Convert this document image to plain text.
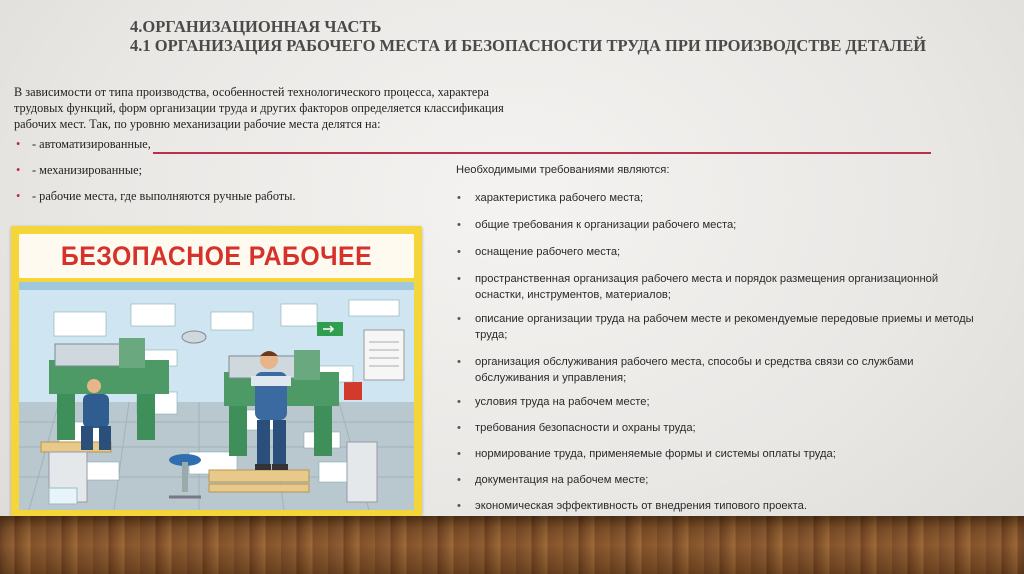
4.ОРГАНИЗАЦИОННАЯ ЧАСТЬ
4.1 ОРГАНИЗАЦИЯ РАБОЧЕГО МЕСТА И БЕЗОПАСНОСТИ ТРУДА ПРИ ПРОИЗВОДСТВЕ ДЕТАЛЕЙ
В зависимости от типа производства, особенностей технологического процесса, характера трудовых функций, форм организации труда и других факторов определяется классификация рабочих мест. Так, по уровню механизации рабочие места делятся на:
• - автоматизированные,
• - механизированные;
• - рабочие места, где выполняются ручные работы.
Необходимыми требованиями являются:
• характеристика рабочего места;
• общие требования к организации рабочего места;
• оснащение рабочего места;
• пространственная организация рабочего места и порядок размещения организационной оснастки, инструментов, материалов;
• описание организации труда на рабочем месте и рекомендуемые передовые приемы и методы труда;
• организация обслуживания рабочего места, способы и средства связи со службами обслуживания и управления;
• условия труда на рабочем месте;
• требования безопасности и охраны труда;
• нормирование труда, применяемые формы и системы оплаты труда;
• документация на рабочем месте;
• экономическая эффективность от внедрения типового проекта.
БЕЗОПАСНОЕ РАБОЧЕЕ
